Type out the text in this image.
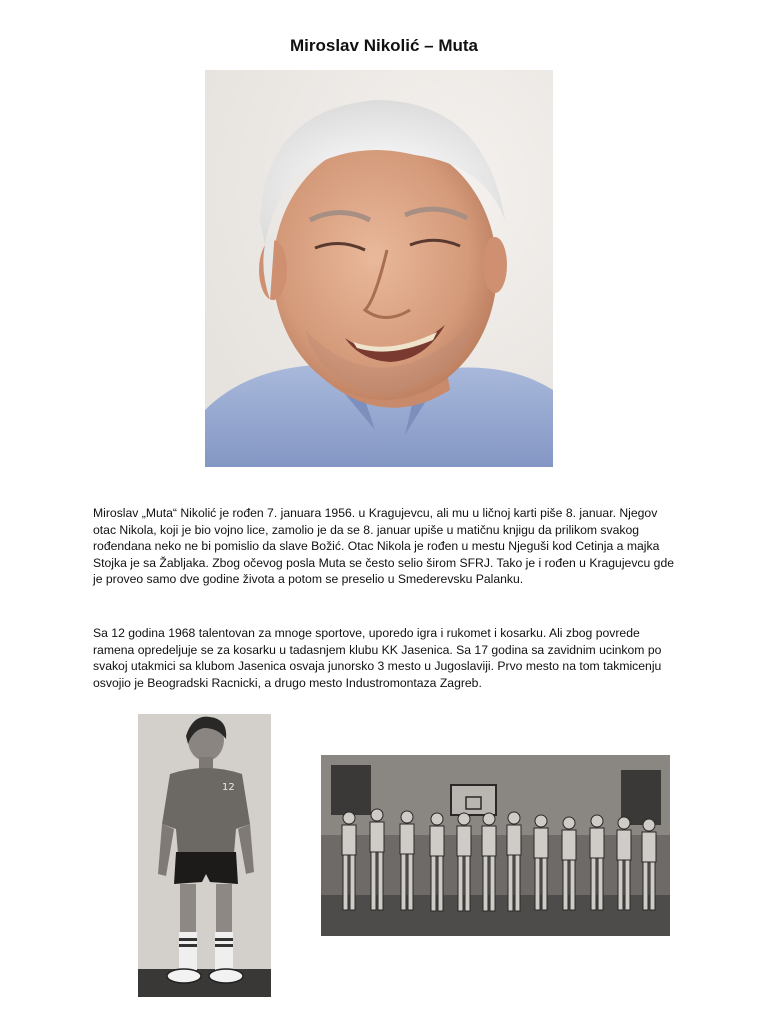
Miroslav Nikolić – Muta

Miroslav „Muta“ Nikolić je rođen 7. januara 1956. u Kragujevcu, ali mu u ličnoj karti piše 8. januar. Njegov otac Nikola, koji je bio vojno lice, zamolio je da se 8. januar upiše u matičnu knjigu da prilikom svakog rođendana neko ne bi pomislio da slave Božić. Otac Nikola je rođen u mestu Njeguši kod Cetinja a majka Stojka je sa Žabljaka. Zbog očevog posla Muta se često selio širom SFRJ. Tako je i rođen u Kragujevcu gde je proveo samo dve godine života a potom se preselio u Smederevsku Palanku.

Sa 12 godina 1968 talentovan za mnoge sportove, uporedo igra i rukomet i kosarku. Ali zbog povrede ramena opredeljuje se za kosarku u tadasnjem klubu KK Jasenica. Sa 17 godina sa zavidnim ucinkom po svakoj utakmici sa klubom Jasenica osvaja junorsko 3 mesto u Jugoslaviji. Prvo mesto na tom takmicenju osvojio je Beogradski Racnicki, a drugo mesto Industromontaza Zagreb.

12
